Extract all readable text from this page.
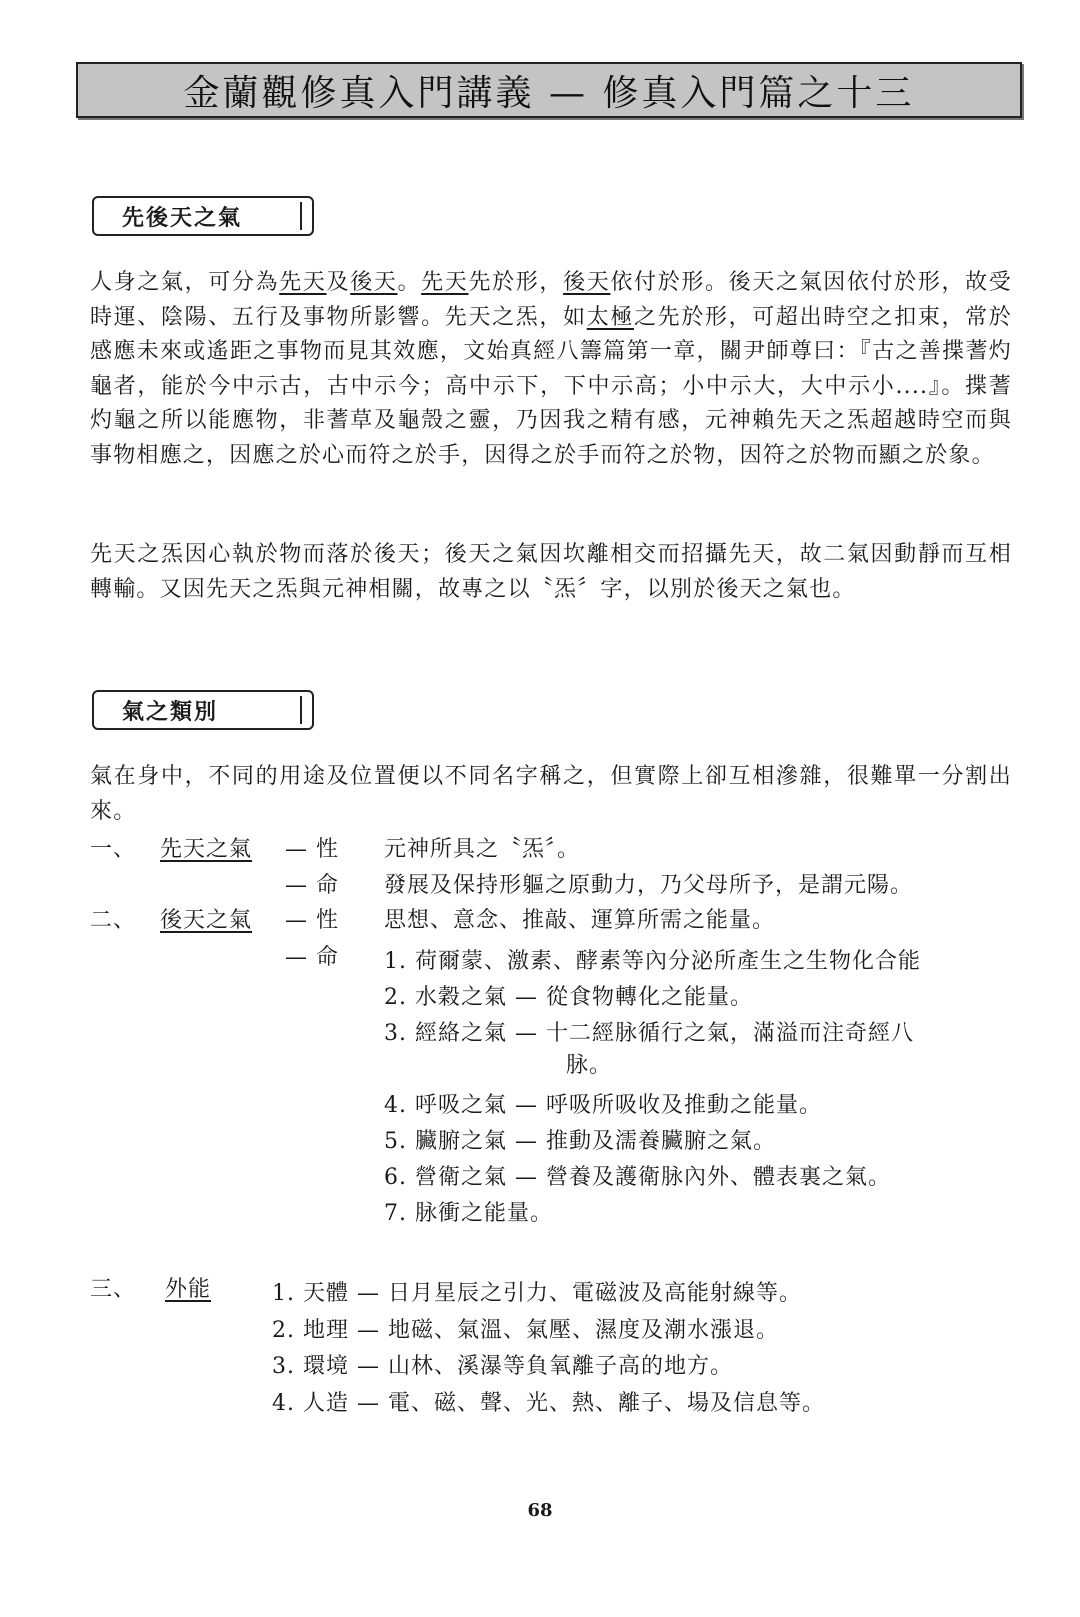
金蘭觀修真入門講義 — 修真入門篇之十三
先後天之氣

人身之氣，可分為先天及後天。先天先於形，後天依付於形。後天之氣因依付於形，故受時運、陰陽、五行及事物所影響。先天之炁，如太極之先於形，可超出時空之扣束，常於感應未來或遙距之事物而見其效應，文始真經八籌篇第一章，關尹師尊曰：『古之善揲蓍灼龜者，能於今中示古，古中示今；高中示下，下中示高；小中示大，大中示小....』。揲蓍灼龜之所以能應物，非蓍草及龜殼之靈，乃因我之精有感，元神賴先天之炁超越時空而與事物相應之，因應之於心而符之於手，因得之於手而符之於物，因符之於物而顯之於象。

先天之炁因心執於物而落於後天；後天之氣因坎離相交而招攝先天，故二氣因動靜而互相轉輸。又因先天之炁與元神相關，故專之以〝炁〞字，以別於後天之氣也。

氣之類別

氣在身中，不同的用途及位置便以不同名字稱之，但實際上卻互相滲雜，很難單一分割出來。

一、 先天之氣 — 性 元神所具之〝炁〞。
— 命 發展及保持形軀之原動力，乃父母所予，是謂元陽。
二、 後天之氣 — 性 思想、意念、推敲、運算所需之能量。
— 命 1. 荷爾蒙、激素、酵素等內分泌所產生之生物化合能
2. 水穀之氣 — 從食物轉化之能量。
3. 經絡之氣 — 十二經脉循行之氣，滿溢而注奇經八
脉。
4. 呼吸之氣 — 呼吸所吸收及推動之能量。
5. 臟腑之氣 — 推動及濡養臟腑之氣。
6. 營衛之氣 — 營養及護衛脉內外、體表裏之氣。
7. 脉衝之能量。
三、 外能	1. 天體 — 日月星辰之引力、電磁波及高能射線等。
2. 地理 — 地磁、氣溫、氣壓、濕度及潮水漲退。
3. 環境 — 山林、溪瀑等負氧離子高的地方。
4. 人造 — 電、磁、聲、光、熱、離子、場及信息等。
68
